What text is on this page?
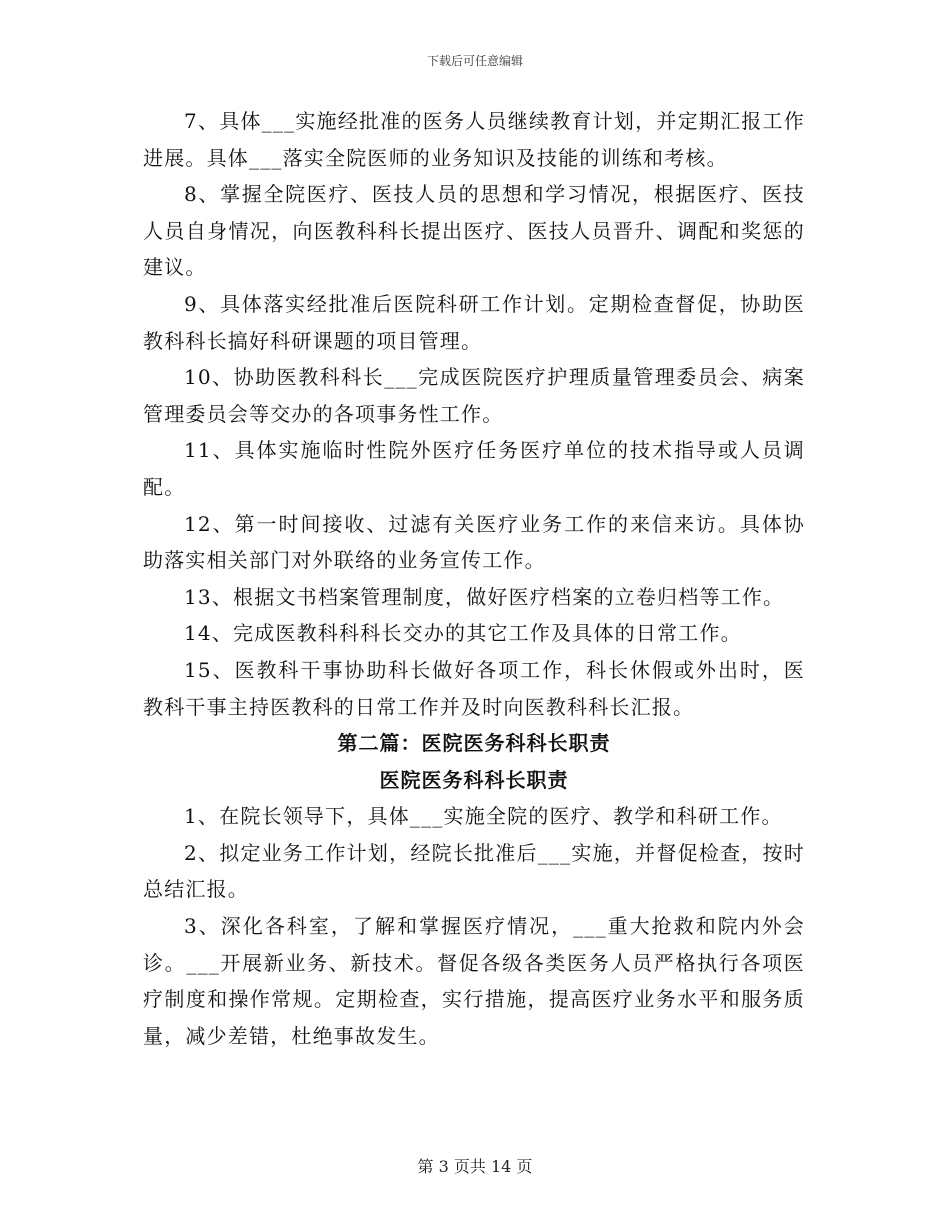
下载后可任意编辑

7、具体___实施经批准的医务人员继续教育计划，并定期汇报工作进展。具体___落实全院医师的业务知识及技能的训练和考核。

8、掌握全院医疗、医技人员的思想和学习情况，根据医疗、医技人员自身情况，向医教科科长提出医疗、医技人员晋升、调配和奖惩的建议。

9、具体落实经批准后医院科研工作计划。定期检查督促，协助医教科科长搞好科研课题的项目管理。

10、协助医教科科长___完成医院医疗护理质量管理委员会、病案管理委员会等交办的各项事务性工作。

11、具体实施临时性院外医疗任务医疗单位的技术指导或人员调配。

12、第一时间接收、过滤有关医疗业务工作的来信来访。具体协助落实相关部门对外联络的业务宣传工作。

13、根据文书档案管理制度，做好医疗档案的立卷归档等工作。

14、完成医教科科科长交办的其它工作及具体的日常工作。

15、医教科干事协助科长做好各项工作，科长休假或外出时，医教科干事主持医教科的日常工作并及时向医教科科长汇报。

第二篇：医院医务科科长职责
医院医务科科长职责

1、在院长领导下，具体___实施全院的医疗、教学和科研工作。

2、拟定业务工作计划，经院长批准后___实施，并督促检查，按时总结汇报。

3、深化各科室，了解和掌握医疗情况，___重大抢救和院内外会诊。___开展新业务、新技术。督促各级各类医务人员严格执行各项医疗制度和操作常规。定期检查，实行措施，提高医疗业务水平和服务质量，减少差错，杜绝事故发生。

第 3 页共 14 页
